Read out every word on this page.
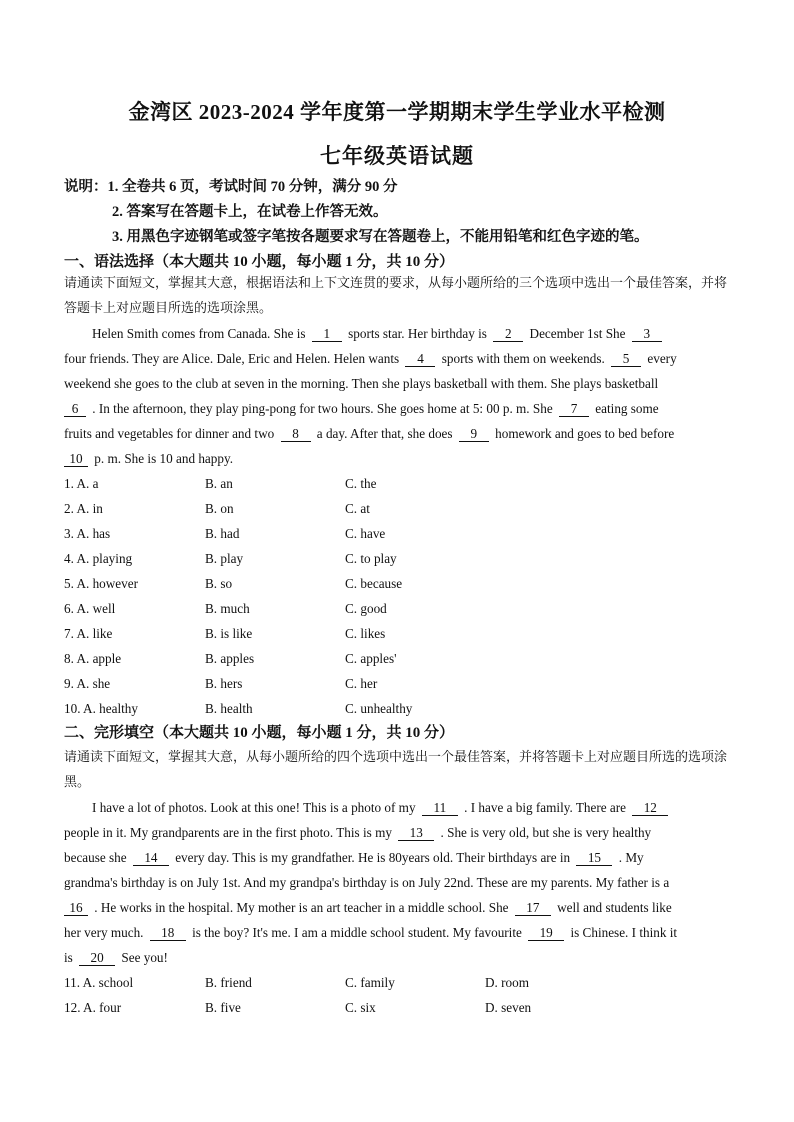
金湾区 2023-2024 学年度第一学期期末学生学业水平检测
七年级英语试题
说明：1. 全卷共 6 页，考试时间 70 分钟，满分 90 分
2. 答案写在答题卡上，在试卷上作答无效。
3. 用黑色字迹钢笔或签字笔按各题要求写在答题卷上，不能用铅笔和红色字迹的笔。
一、语法选择（本大题共 10 小题，每小题 1 分，共 10 分）
请通读下面短文，掌握其大意，根据语法和上下文连贯的要求，从每小题所给的三个选项中选出一个最佳答案，并将答题卡上对应题目所选的选项涂黑。
Helen Smith comes from Canada. She is 1 sports star. Her birthday is 2 December 1st She 3
four friends. They are Alice. Dale, Eric and Helen. Helen wants 4 sports with them on weekends. 5 every
weekend she goes to the club at seven in the morning. Then she plays basketball with them. She plays basketball
6 . In the afternoon, they play ping-pong for two hours. She goes home at 5: 00 p. m. She 7 eating some
fruits and vegetables for dinner and two 8 a day. After that, she does 9 homework and goes to bed before
10 p. m. She is 10 and happy.
1. A. a	B. an	C. the
2. A. in	B. on	C. at
3. A. has	B. had	C. have
4. A. playing	B. play	C. to play
5. A. however	B. so	C. because
6. A. well	B. much	C. good
7. A. like	B. is like	C. likes
8. A. apple	B. apples	C. apples'
9. A. she	B. hers	C. her
10. A. healthy	B. health	C. unhealthy
二、完形填空（本大题共 10 小题，每小题 1 分，共 10 分）
请通读下面短文，掌握其大意，从每小题所给的四个选项中选出一个最佳答案，并将答题卡上对应题目所选的选项涂黑。
I have a lot of photos. Look at this one! This is a photo of my 11 . I have a big family. There are 12
people in it. My grandparents are in the first photo. This is my 13 . She is very old, but she is very healthy
because she 14 every day. This is my grandfather. He is 80years old. Their birthdays are in 15 . My
grandma's birthday is on July 1st. And my grandpa's birthday is on July 22nd. These are my parents. My father is a
16 . He works in the hospital. My mother is an art teacher in a middle school. She 17 well and students like
her very much. 18 is the boy? It's me. I am a middle school student. My favourite 19 is Chinese. I think it
is 20 See you!
11. A. school	B. friend	C. family	D. room
12. A. four	B. five	C. six	D. seven
